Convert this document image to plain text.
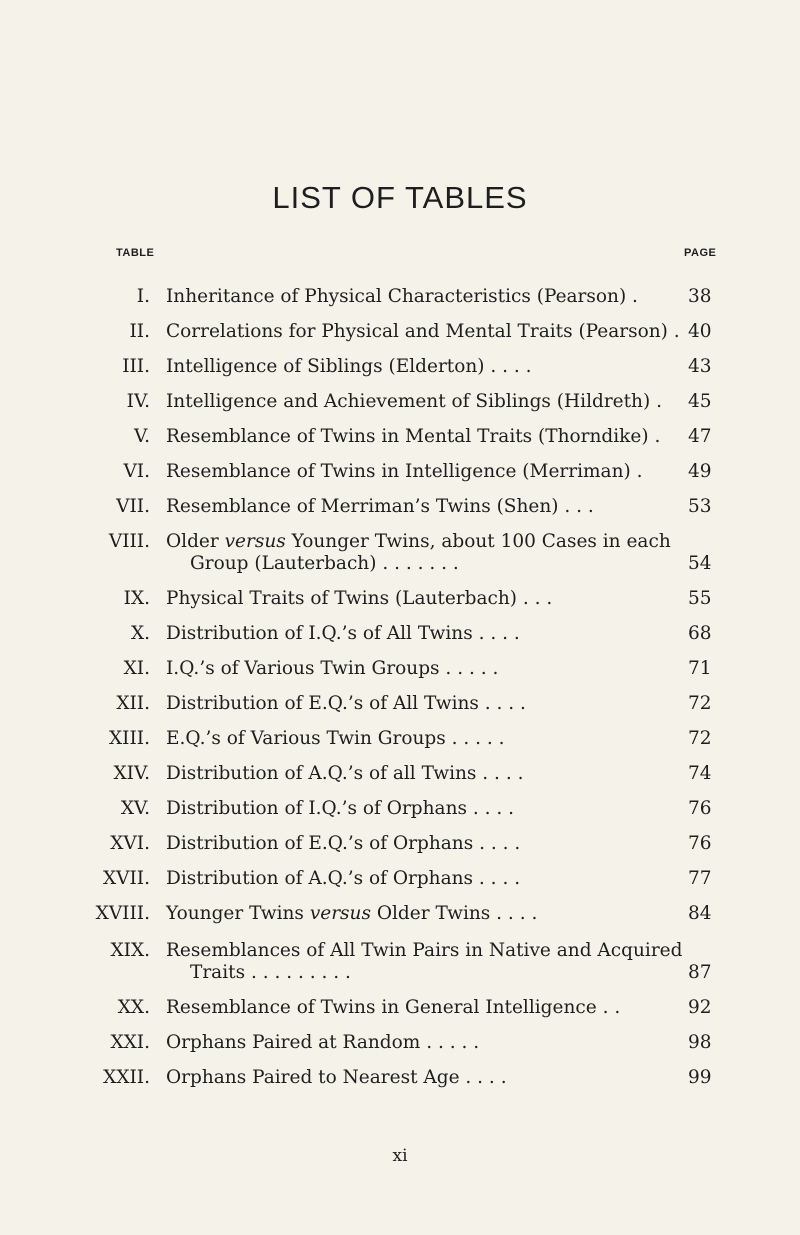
LIST OF TABLES
TABLE	PAGE
I. Inheritance of Physical Characteristics (Pearson) .	38
II. Correlations for Physical and Mental Traits (Pearson) . 40
III. Intelligence of Siblings (Elderton) . . . .	43
IV. Intelligence and Achievement of Siblings (Hildreth) . 45
V. Resemblance of Twins in Mental Traits (Thorndike) . 47
VI. Resemblance of Twins in Intelligence (Merriman) .	49
VII. Resemblance of Merriman’s Twins (Shen) . . .	53
VIII. Older versus Younger Twins, about 100 Cases in each
Group (Lauterbach) . . . . . . .	54
IX. Physical Traits of Twins (Lauterbach) . . .	55
X. Distribution of I.Q.’s of All Twins . . . .	68
XI. I.Q.’s of Various Twin Groups . . . . .	71
XII. Distribution of E.Q.’s of All Twins . . . .	72
XIII. E.Q.’s of Various Twin Groups . . . . .	72
XIV. Distribution of A.Q.’s of all Twins . . . .	74
XV. Distribution of I.Q.’s of Orphans . . . .	76
XVI. Distribution of E.Q.’s of Orphans . . . .	76
XVII. Distribution of A.Q.’s of Orphans . . . .	77
XVIII. Younger Twins versus Older Twins . . . .	84
XIX. Resemblances of All Twin Pairs in Native and Acquired
Traits . . . . . . . . .	87
XX. Resemblance of Twins in General Intelligence . .	92
XXI. Orphans Paired at Random . . . . .	98
XXII. Orphans Paired to Nearest Age . . . .	99
xi
